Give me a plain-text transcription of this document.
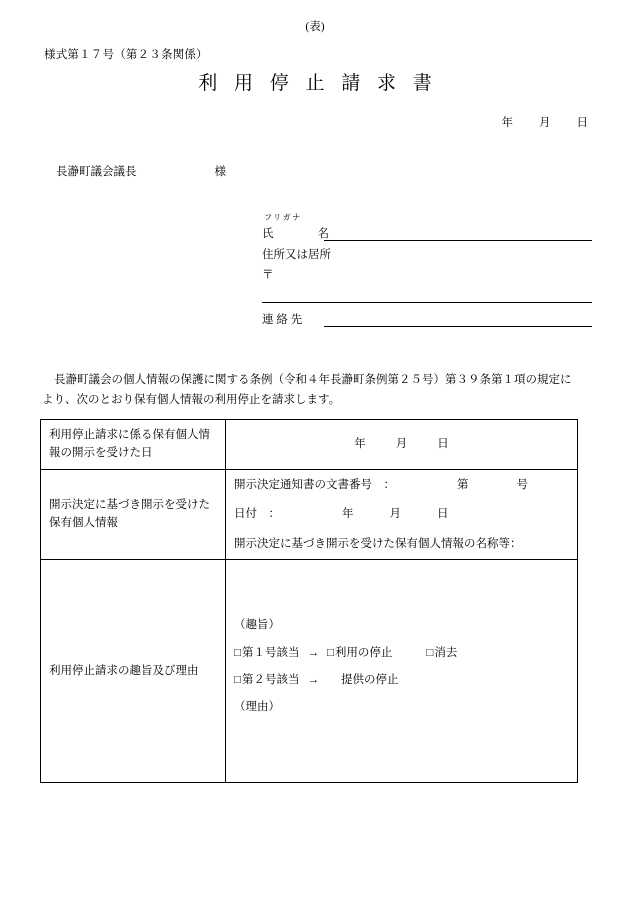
(表)
様式第１７号（第２３条関係）
利 用 停 止 請 求 書
年 月 日
長瀞町議会議長	様
フリガナ
氏　　名
住所又は居所
〒
連 絡 先
長瀞町議会の個人情報の保護に関する条例（令和４年長瀞町条例第２５号）第３９条第１項の規定に
より、次のとおり保有個人情報の利用停止を請求します。
利用停止請求に係る保有個人情報の開示を受けた日	年 月 日
開示決定に基づき開示を受けた保有個人情報	開示決定通知書の文書番号　： 第 号

日付　： 年 月 日

開示決定に基づき開示を受けた保有個人情報の名称等：

利用停止請求の趣旨及び理由	（趣旨）

□第１号該当 → □利用の停止 □消去

□第２号該当 → 提供の停止

（理由）
